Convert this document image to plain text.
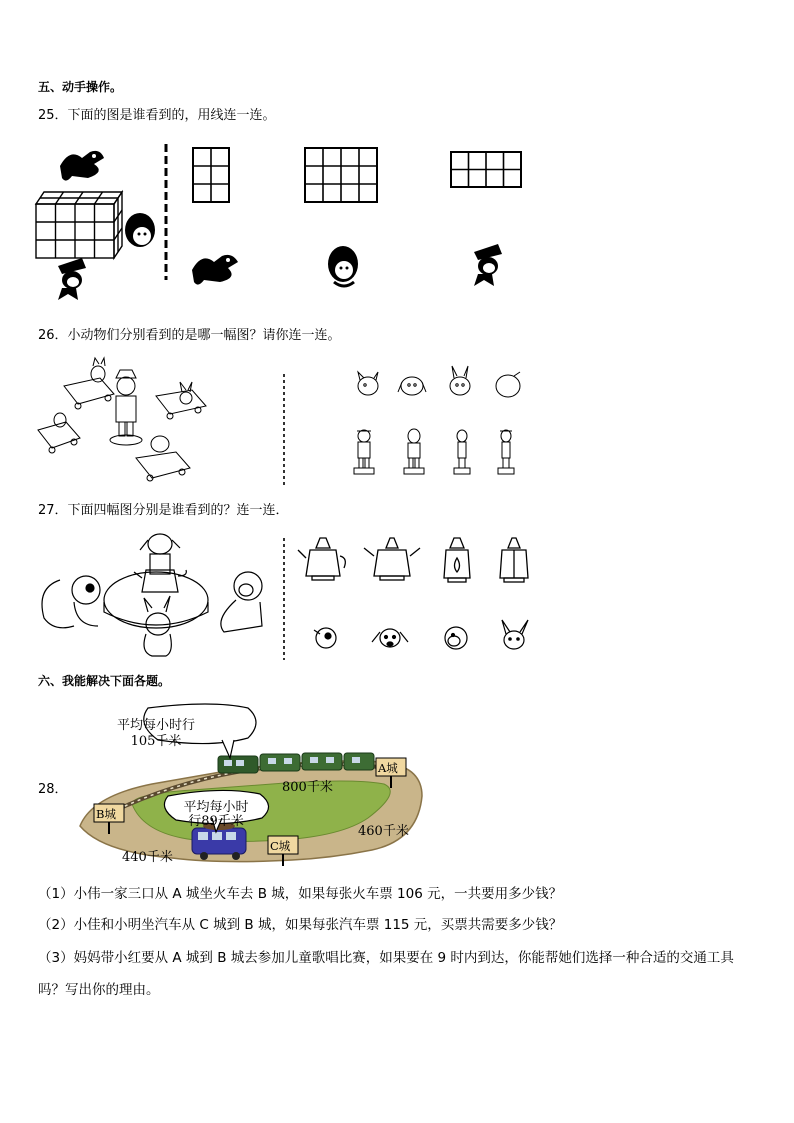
五、动手操作。
25．下面的图是谁看到的，用线连一连。
26．小动物们分别看到的是哪一幅图？请你连一连。
27．下面四幅图分别是谁看到的？连一连．
六、我能解决下面各题。
28．
平均每小时行
105千米
平均每小时
行89千米
800千米
460千米
440千米
A城
B城
C城
（1）小伟一家三口从 A 城坐火车去 B 城，如果每张火车票 106 元，一共要用多少钱？
（2）小佳和小明坐汽车从 C 城到 B 城，如果每张汽车票 115 元，买票共需要多少钱？
（3）妈妈带小红要从 A 城到 B 城去参加儿童歌唱比赛，如果要在 9 时内到达，你能帮她们选择一种合适的交通工具
吗？写出你的理由。
